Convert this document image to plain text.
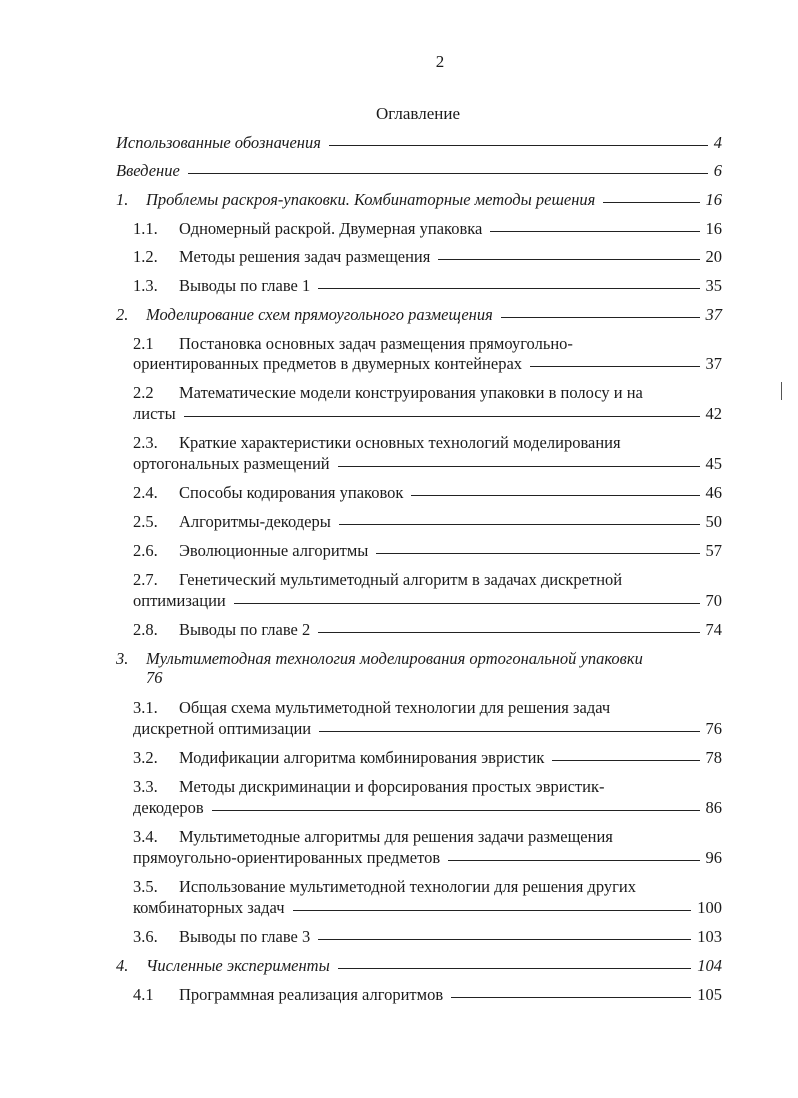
2
Оглавление
Использованные обозначения	4
Введение	6
1.	Проблемы раскроя-упаковки. Комбинаторные методы решения	16
1.1.	Одномерный раскрой. Двумерная упаковка	16
1.2.	Методы решения задач размещения	20
1.3.	Выводы по главе 1	35
2.	Моделирование схем прямоугольного размещения	37
2.1 Постановка основных задач размещения прямоугольно-
ориентированных предметов в двумерных контейнерах	37
2.2 Математические модели конструирования упаковки в полосу и на
листы	42
2.3. Краткие характеристики основных технологий моделирования
ортогональных размещений	45
2.4.	Способы кодирования упаковок	46
2.5.	Алгоритмы-декодеры	50
2.6.	Эволюционные алгоритмы	57
2.7. Генетический мультиметодный алгоритм в задачах дискретной
оптимизации	70
2.8.	Выводы по главе 2	74
3. Мультиметодная технология моделирования ортогональной упаковки
76
3.1. Общая схема мультиметодной технологии для решения задач
дискретной оптимизации	76
3.2.	Модификации алгоритма комбинирования эвристик	78
3.3. Методы дискриминации и форсирования простых эвристик-
декодеров	86
3.4. Мультиметодные алгоритмы для решения задачи размещения
прямоугольно-ориентированных предметов	96
3.5. Использование мультиметодной технологии для решения других
комбинаторных задач	100
3.6.	Выводы по главе 3	103
4.	Численные эксперименты	104
4.1	Программная реализация алгоритмов	105
